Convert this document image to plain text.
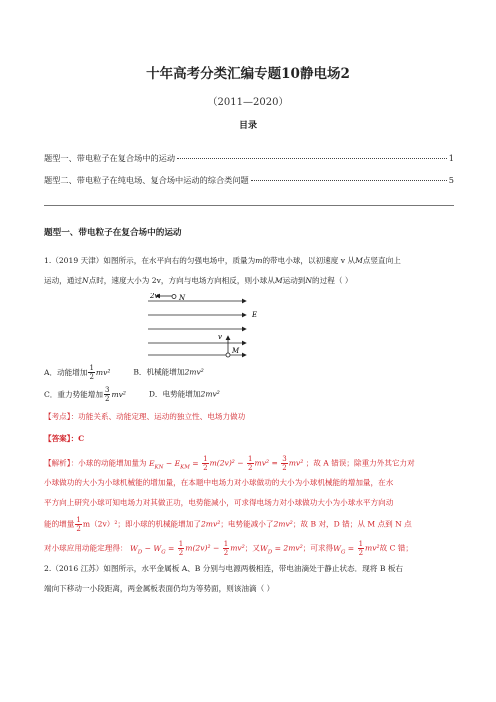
十年高考分类汇编专题10静电场2
（2011—2020）
目录
题型一、带电粒子在复合场中的运动	1
题型二、带电粒子在纯电场、复合场中运动的综合类问题	5
题型一、带电粒子在复合场中的运动
1.（2019 天津）如图所示，在水平向右的匀强电场中，质量为m的带电小球，以初速度 v 从M点竖直向上
运动，通过N点时，速度大小为 2v，方向与电场方向相反，则小球从M运动到N的过程（ ）
2v	N
E
v
M
A．动能增加 $\frac{1}{2} mv^2$	B．机械能增加2mv²
C．重力势能增加 $\frac{3}{2} mv^2$	D．电势能增加2mv²
【考点】：功能关系、动能定理、运动的独立性、电场力做功
【答案】：C
【解析】：小球的动能增加量为 $E_{KN} - E_{KM} = \frac{1}{2} m(2v)^2 - \frac{1}{2} mv^2 = \frac{3}{2} mv^2$ ；故 A 错误；除重力外其它力对
小球做功的大小为小球机械能的增加量，在本题中电场力对小球做功的大小为小球机械能的增加量，在水
平方向上研究小球可知电场力对其做正功，电势能减小，可求得电场力对小球做功大小为小球水平方向动
能的增量 $\frac{1}{2} m(2v)^2$；即小球的机械能增加了2mv²；电势能减小了2mv²；故 B 对，D 错；从 M 点到 N 点
对小球应用动能定理得： $W_D - W_G = \frac{1}{2} m(2v)^2 - \frac{1}{2} mv^2$；又$W_D = 2mv^2$；可求得$W_G = \frac{1}{2} mv^2$故 C 错；
2.（2016 江苏）如图所示，水平金属板 A、B 分别与电源两极相连，带电油滴处于静止状态．现将 B 板右
端向下移动一小段距离，两金属板表面仍均为等势面，则该油滴（ ）
